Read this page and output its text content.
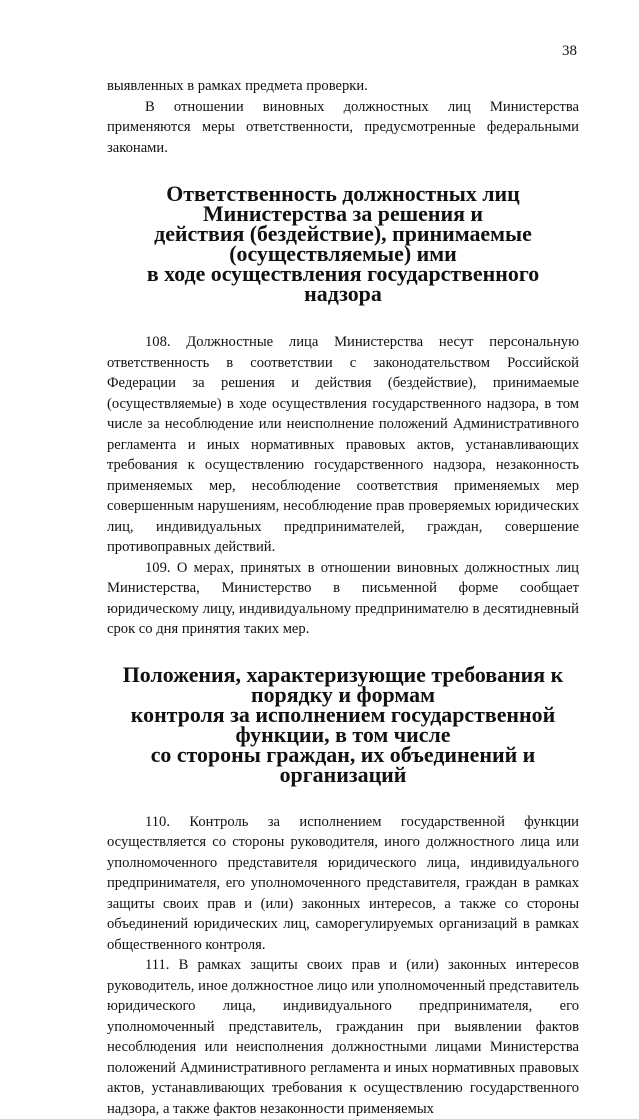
38

выявленных в рамках предмета проверки.

В отношении виновных должностных лиц Министерства применяются меры ответственности, предусмотренные федеральными законами.

Ответственность должностных лиц Министерства за решения и
действия (бездействие), принимаемые (осуществляемые) ими
в ходе осуществления государственного надзора

108. Должностные лица Министерства несут персональную ответственность в соответствии с законодательством Российской Федерации за решения и действия (бездействие), принимаемые (осуществляемые) в ходе осуществления государственного надзора, в том числе за несоблюдение или неисполнение положений Административного регламента и иных нормативных правовых актов, устанавливающих требования к осуществлению государственного надзора, незаконность применяемых мер, несоблюдение соответствия применяемых мер совершенным нарушениям, несоблюдение прав проверяемых юридических лиц, индивидуальных предпринимателей, граждан, совершение противоправных действий.

109. О мерах, принятых в отношении виновных должностных лиц Министерства, Министерство в письменной форме сообщает юридическому лицу, индивидуальному предпринимателю в десятидневный срок со дня принятия таких мер.

Положения, характеризующие требования к порядку и формам
контроля за исполнением государственной функции, в том числе
со стороны граждан, их объединений и организаций

110. Контроль за исполнением государственной функции осуществляется со стороны руководителя, иного должностного лица или уполномоченного представителя юридического лица, индивидуального предпринимателя, его уполномоченного представителя, граждан в рамках защиты своих прав и (или) законных интересов, а также со стороны объединений юридических лиц, саморегулируемых организаций в рамках общественного контроля.

111. В рамках защиты своих прав и (или) законных интересов руководитель, иное должностное лицо или уполномоченный представитель юридического лица, индивидуального предпринимателя, его уполномоченный представитель, гражданин при выявлении фактов несоблюдения или неисполнения должностными лицами Министерства положений Административного регламента и иных нормативных правовых актов, устанавливающих требования к осуществлению государственного надзора, а также фактов незаконности применяемых
